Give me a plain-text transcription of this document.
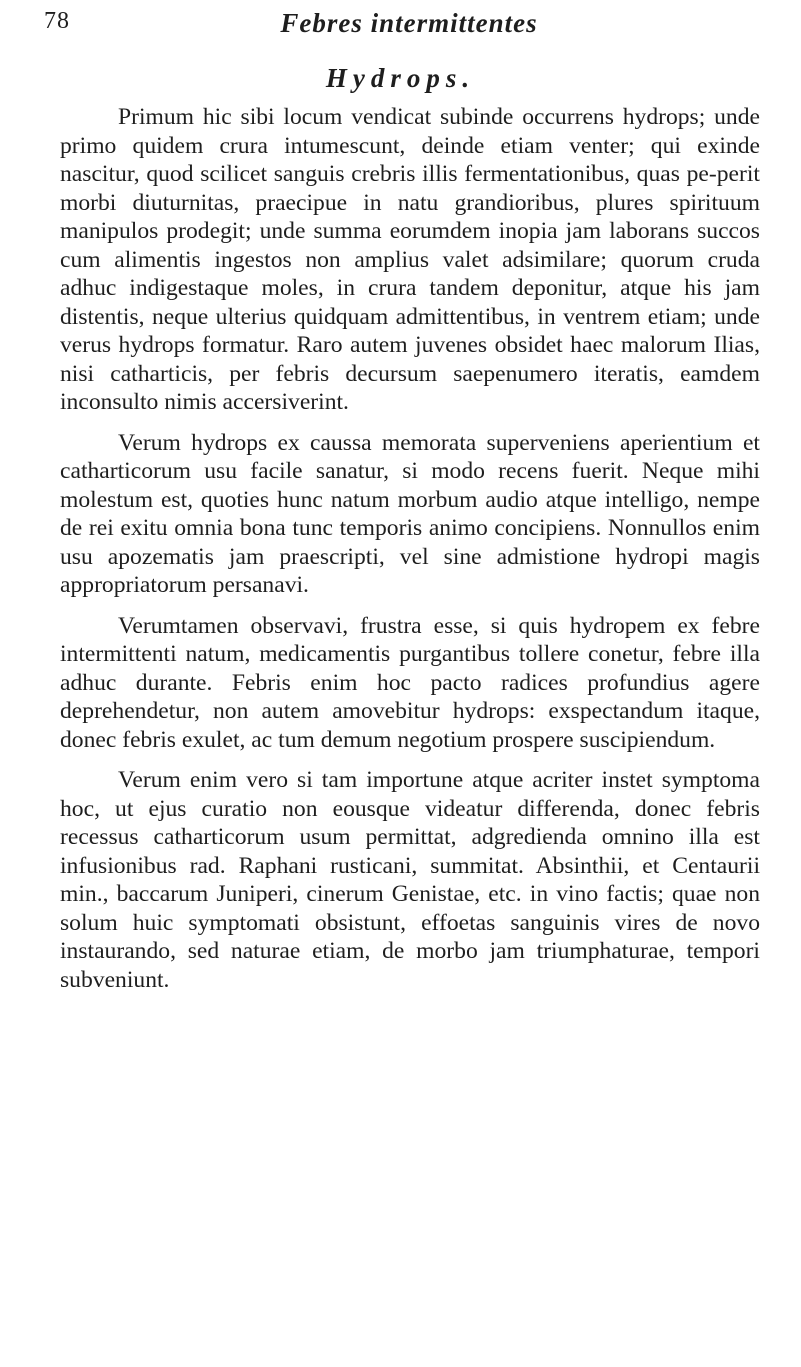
78	Febres intermittentes
Hydrops.

Primum hic sibi locum vendicat subinde occurrens hydrops; unde primo quidem crura intumescunt, deinde etiam venter; qui exinde nascitur, quod scilicet sanguis crebris illis fermentationibus, quas pe-perit morbi diuturnitas, praecipue in natu grandioribus, plures spirituum manipulos prodegit; unde summa eorumdem inopia jam laborans succos cum alimentis ingestos non amplius valet adsimilare; quorum cruda adhuc indigestaque moles, in crura tandem deponitur, atque his jam distentis, neque ulterius quidquam admittentibus, in ventrem etiam; unde verus hydrops formatur. Raro autem juvenes obsidet haec malorum Ilias, nisi catharticis, per febris decursum saepenumero iteratis, eamdem inconsulto nimis accersiverint.

Verum hydrops ex caussa memorata superveniens aperientium et catharticorum usu facile sanatur, si modo recens fuerit. Neque mihi molestum est, quoties hunc natum morbum audio atque intelligo, nempe de rei exitu omnia bona tunc temporis animo concipiens. Nonnullos enim usu apozematis jam praescripti, vel sine admistione hydropi magis appropriatorum persanavi.

Verumtamen observavi, frustra esse, si quis hydropem ex febre intermittenti natum, medicamentis purgantibus tollere conetur, febre illa adhuc durante. Febris enim hoc pacto radices profundius agere deprehendetur, non autem amovebitur hydrops: exspectandum itaque, donec febris exulet, ac tum demum negotium prospere suscipiendum.

Verum enim vero si tam importune atque acriter instet symptoma hoc, ut ejus curatio non eousque videatur differenda, donec febris recessus catharticorum usum permittat, adgredienda omnino illa est infusionibus rad. Raphani rusticani, summitat. Absinthii, et Centaurii min., baccarum Juniperi, cinerum Genistae, etc. in vino factis; quae non solum huic symptomati obsistunt, effoetas sanguinis vires de novo instaurando, sed naturae etiam, de morbo jam triumphaturae, tempori subveniunt.
